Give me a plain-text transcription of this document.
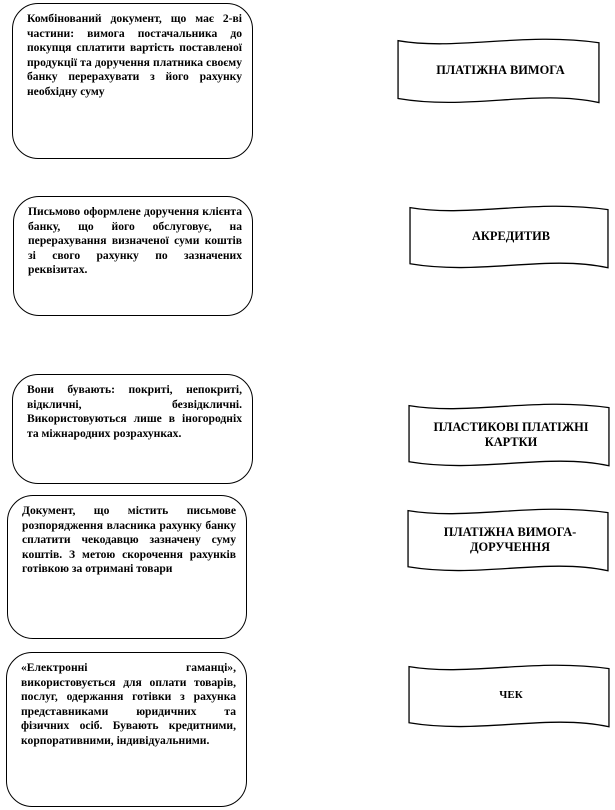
Комбінований документ, що має 2-ві частини: вимога постачальника до покупця сплатити вартість поставленої продукції та доручення платника своєму банку перерахувати з його рахунку необхідну суму
Письмово оформлене доручення клієнта банку, що його обслуговує, на перерахування визначеної суми коштів зі свого рахунку по зазначених реквізитах.
Вони бувають: покриті, непокриті, відкличні, безвідкличні. Використовуються лише в іногородніх та міжнародних розрахунках.
Документ, що містить письмове розпорядження власника рахунку банку сплатити чекодавцю зазначену суму коштів. З метою скорочення рахунків готівкою за отримані товари
«Електронні гаманці», використовується для оплати товарів, послуг, одержання готівки з рахунка представниками юридичних та фізичних осіб. Бувають кредитними, корпоративними, індивідуальними.
ПЛАТІЖНА ВИМОГА
АКРЕДИТИВ
ПЛАСТИКОВІ ПЛАТІЖНІ КАРТКИ
ПЛАТІЖНА ВИМОГА-ДОРУЧЕННЯ
ЧЕК
